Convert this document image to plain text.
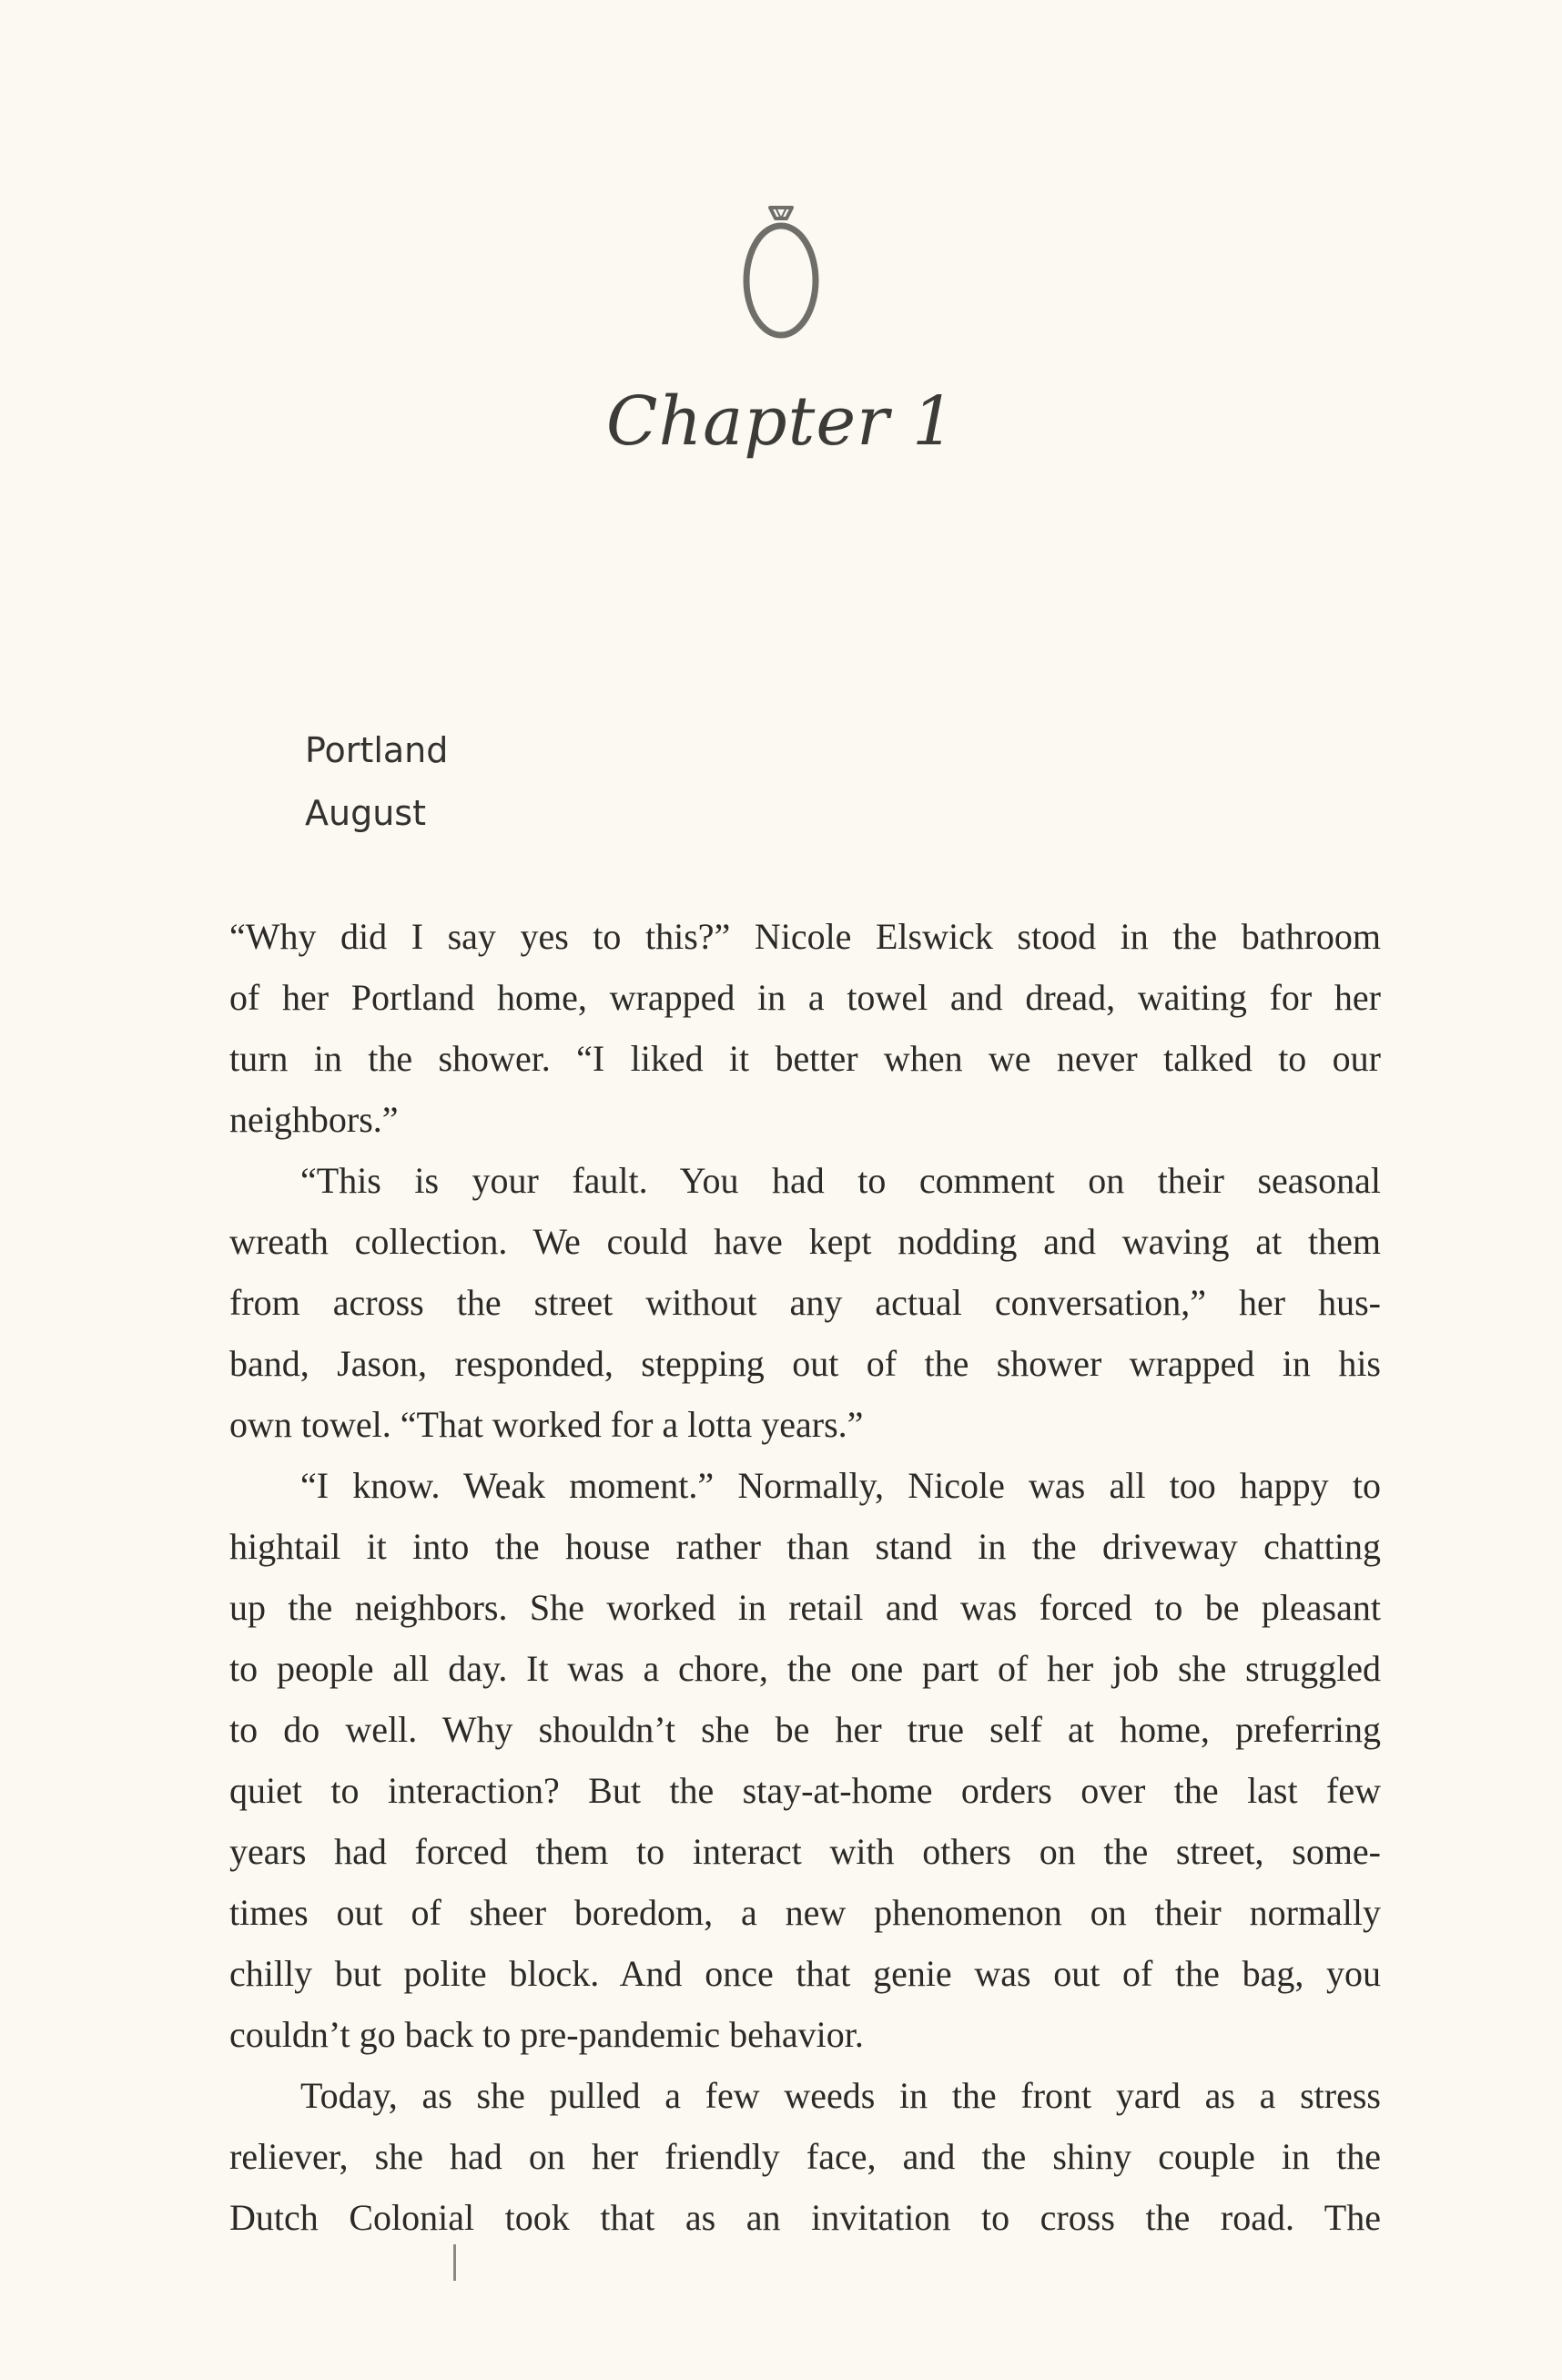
Chapter 1
Portland
August

“Why did I say yes to this?” Nicole Elswick stood in the bathroom
of her Portland home, wrapped in a towel and dread, waiting for her
turn in the shower. “I liked it better when we never talked to our
neighbors.”

“This is your fault. You had to comment on their seasonal
wreath collection. We could have kept nodding and waving at them
from across the street without any actual conversation,” her hus-
band, Jason, responded, stepping out of the shower wrapped in his
own towel. “That worked for a lotta years.”

“I know. Weak moment.” Normally, Nicole was all too happy to
hightail it into the house rather than stand in the driveway chatting
up the neighbors. She worked in retail and was forced to be pleasant
to people all day. It was a chore, the one part of her job she struggled
to do well. Why shouldn’t she be her true self at home, preferring
quiet to interaction? But the stay-at-home orders over the last few
years had forced them to interact with others on the street, some-
times out of sheer boredom, a new phenomenon on their normally
chilly but polite block. And once that genie was out of the bag, you
couldn’t go back to pre-pandemic behavior.

Today, as she pulled a few weeds in the front yard as a stress
reliever, she had on her friendly face, and the shiny couple in the
Dutch Colonial took that as an invitation to cross the road. The
